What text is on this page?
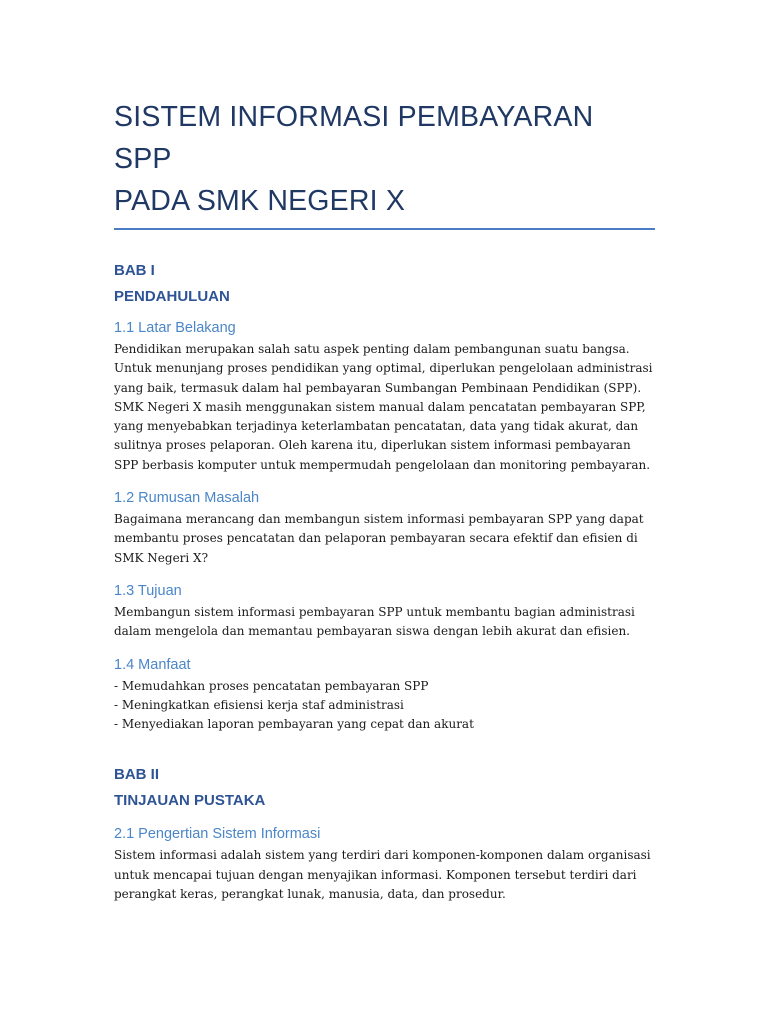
SISTEM INFORMASI PEMBAYARAN SPP
PADA SMK NEGERI X

BAB I

PENDAHULUAN

1.1 Latar Belakang

Pendidikan merupakan salah satu aspek penting dalam pembangunan suatu bangsa. Untuk menunjang proses pendidikan yang optimal, diperlukan pengelolaan administrasi yang baik, termasuk dalam hal pembayaran Sumbangan Pembinaan Pendidikan (SPP). SMK Negeri X masih menggunakan sistem manual dalam pencatatan pembayaran SPP, yang menyebabkan terjadinya keterlambatan pencatatan, data yang tidak akurat, dan sulitnya proses pelaporan. Oleh karena itu, diperlukan sistem informasi pembayaran SPP berbasis komputer untuk mempermudah pengelolaan dan monitoring pembayaran.

1.2 Rumusan Masalah

Bagaimana merancang dan membangun sistem informasi pembayaran SPP yang dapat membantu proses pencatatan dan pelaporan pembayaran secara efektif dan efisien di SMK Negeri X?

1.3 Tujuan

Membangun sistem informasi pembayaran SPP untuk membantu bagian administrasi dalam mengelola dan memantau pembayaran siswa dengan lebih akurat dan efisien.

1.4 Manfaat

- Memudahkan proses pencatatan pembayaran SPP

- Meningkatkan efisiensi kerja staf administrasi

- Menyediakan laporan pembayaran yang cepat dan akurat

BAB II

TINJAUAN PUSTAKA

2.1 Pengertian Sistem Informasi

Sistem informasi adalah sistem yang terdiri dari komponen-komponen dalam organisasi untuk mencapai tujuan dengan menyajikan informasi. Komponen tersebut terdiri dari perangkat keras, perangkat lunak, manusia, data, dan prosedur.
